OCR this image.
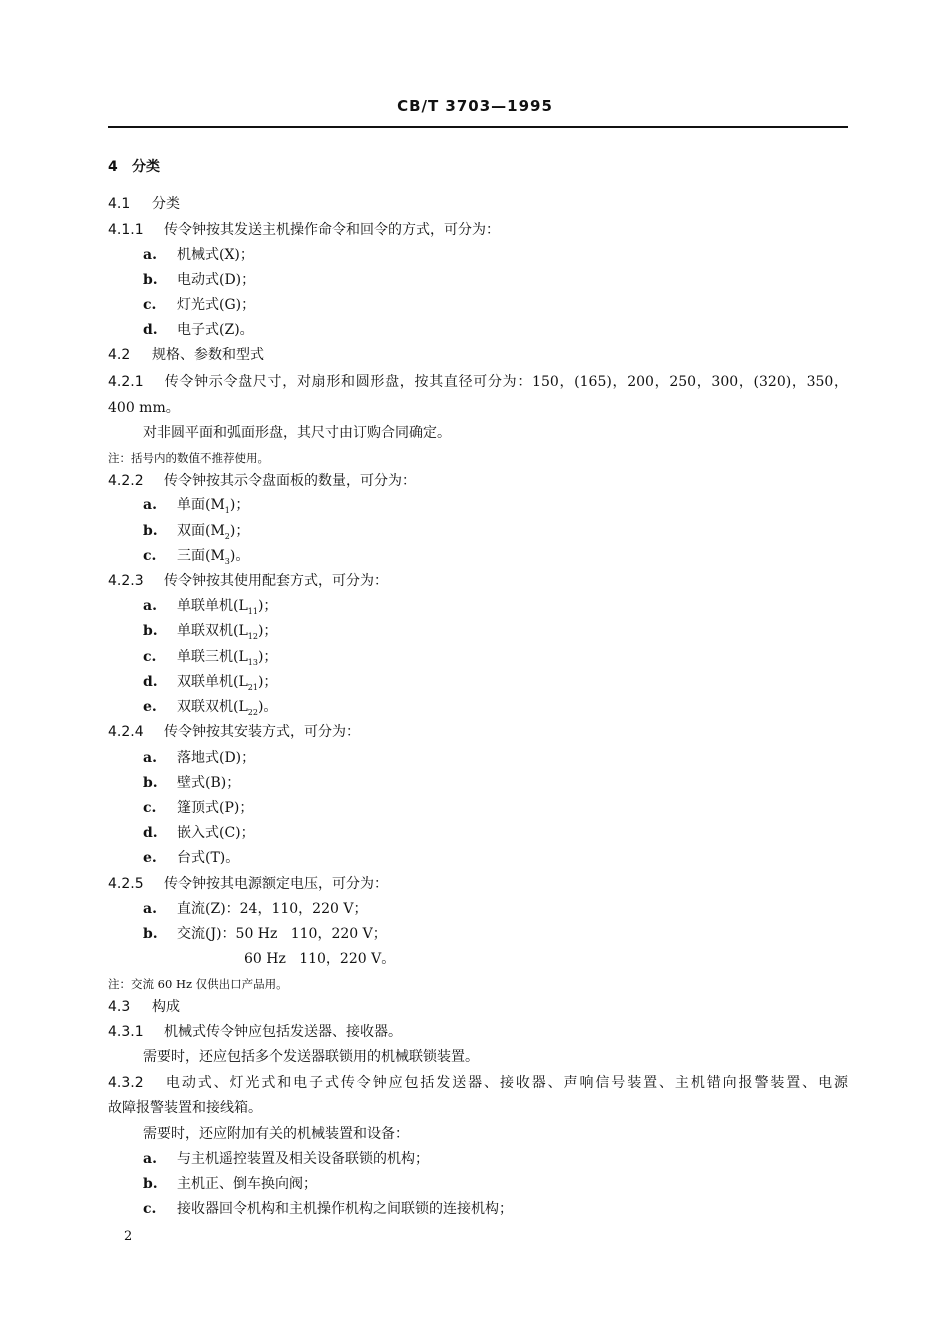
CB/T 3703—1995
4 分类
4.1 分类
4.1.1 传令钟按其发送主机操作命令和回令的方式，可分为：
a. 机械式(X)；
b. 电动式(D)；
c. 灯光式(G)；
d. 电子式(Z)。
4.2 规格、参数和型式
4.2.1 传令钟示令盘尺寸，对扇形和圆形盘，按其直径可分为：150，(165)，200，250，300，(320)，350，
400 mm。
对非圆平面和弧面形盘，其尺寸由订购合同确定。
注：括号内的数值不推荐使用。
4.2.2 传令钟按其示令盘面板的数量，可分为：
a. 单面$(M_1)$；
b. 双面$(M_2)$；
c. 三面$(M_3)$。
4.2.3 传令钟按其使用配套方式，可分为：
a. 单联单机$(L_{11})$；
b. 单联双机$(L_{12})$；
c. 单联三机$(L_{13})$；
d. 双联单机$(L_{21})$；
e. 双联双机$(L_{22})$。
4.2.4 传令钟按其安装方式，可分为：
a. 落地式(D)；
b. 壁式(B)；
c. 篷顶式(P)；
d. 嵌入式(C)；
e. 台式(T)。
4.2.5 传令钟按其电源额定电压，可分为：
a. 直流(Z)：24，110，220 V；
b. 交流(J)：50 Hz   110，220 V；
60 Hz   110，220 V。
注：交流 60 Hz 仅供出口产品用。
4.3 构成
4.3.1 机械式传令钟应包括发送器、接收器。
需要时，还应包括多个发送器联锁用的机械联锁装置。
4.3.2 电动式、灯光式和电子式传令钟应包括发送器、接收器、声响信号装置、主机错向报警装置、电源
故障报警装置和接线箱。
需要时，还应附加有关的机械装置和设备：
a. 与主机遥控装置及相关设备联锁的机构；
b. 主机正、倒车换向阀；
c. 接收器回令机构和主机操作机构之间联锁的连接机构；
2
